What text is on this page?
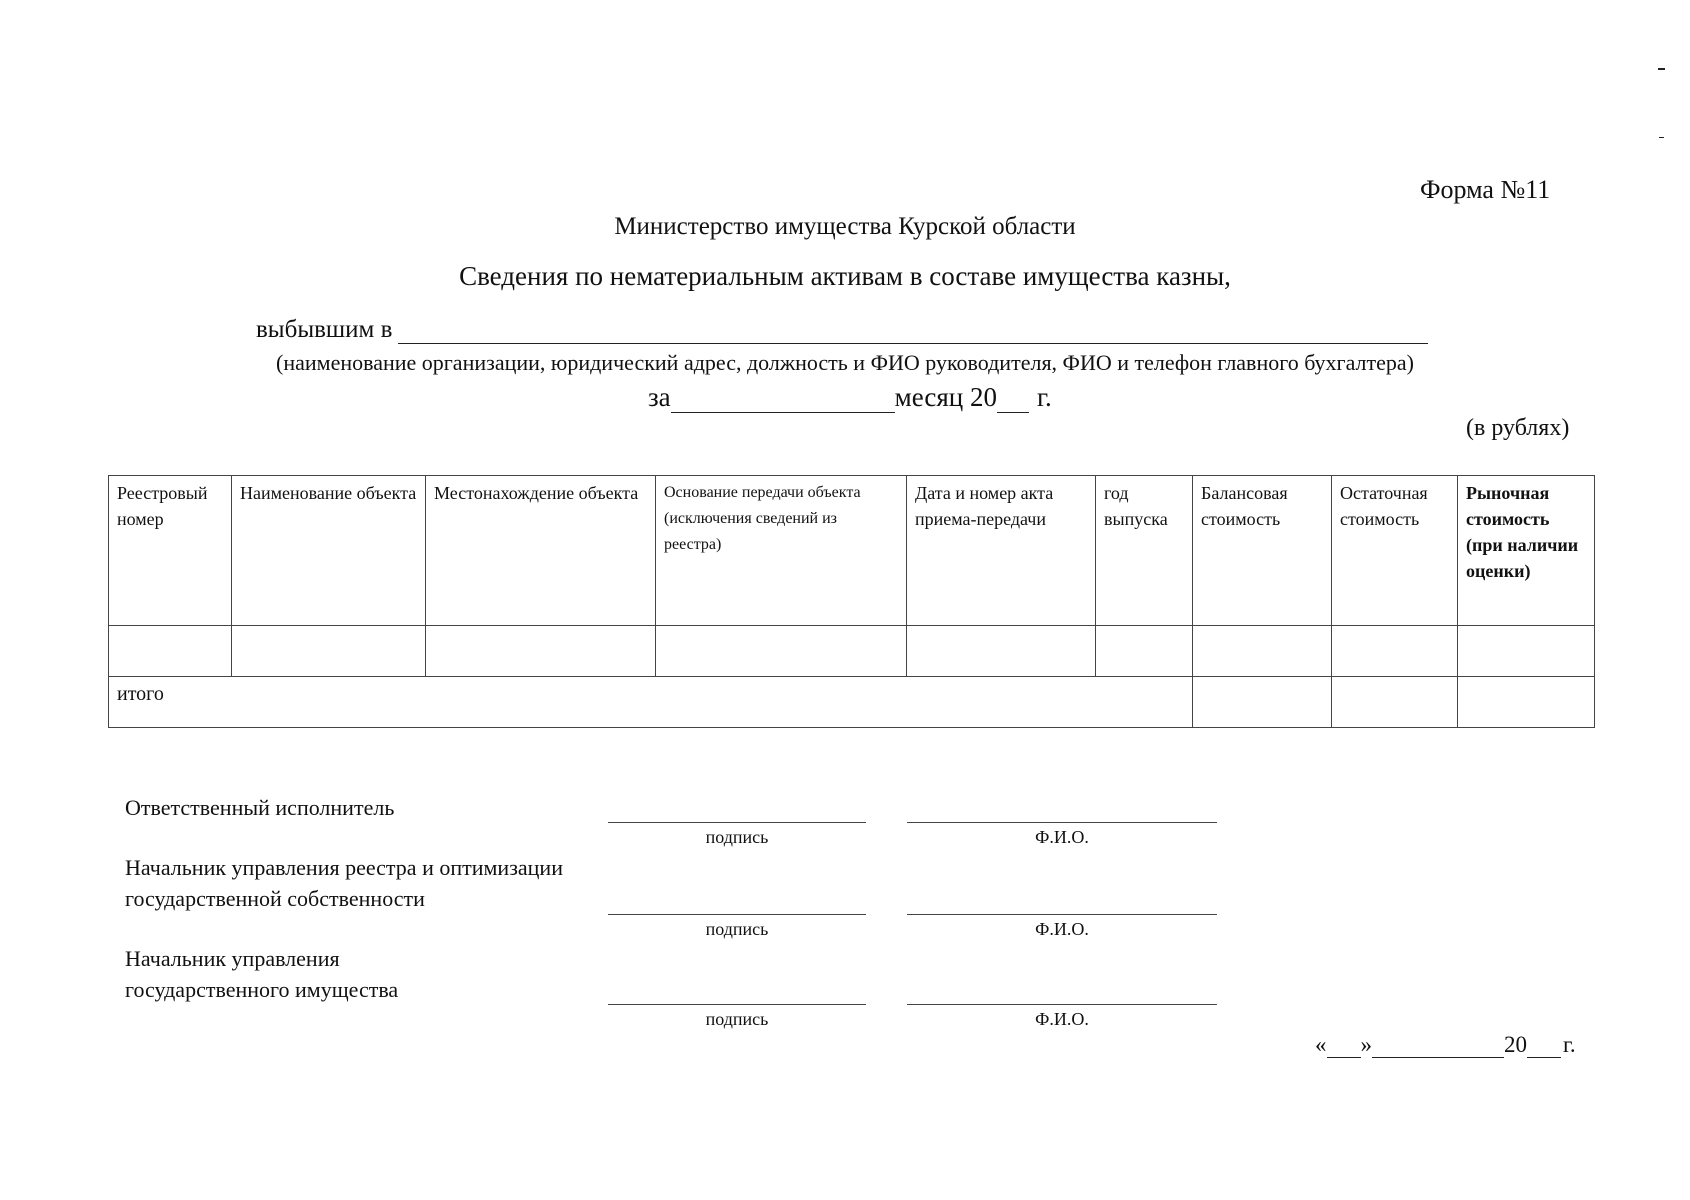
Форма №11
Министерство имущества Курской области
Сведения по нематериальным активам в составе имущества казны,
выбывшим в
(наименование организации, юридический адрес, должность и ФИО руководителя, ФИО и телефон главного бухгалтера)
за	месяц 20 г.
(в рублях)
Реестровый номер	Наименование объекта	Местонахождение объекта	Основание передачи объекта (исключения сведений из реестра)	Дата и номер акта приема-передачи	год выпуска	Балансовая стоимость	Остаточная стоимость	Рыночная стоимость (при наличии оценки)

итого								
Ответственный исполнитель
подпись	Ф.И.О.
Начальник управления реестра и оптимизации государственной собственности
подпись	Ф.И.О.
Начальник управления государственного имущества
подпись	Ф.И.О.
« »	20 г.
